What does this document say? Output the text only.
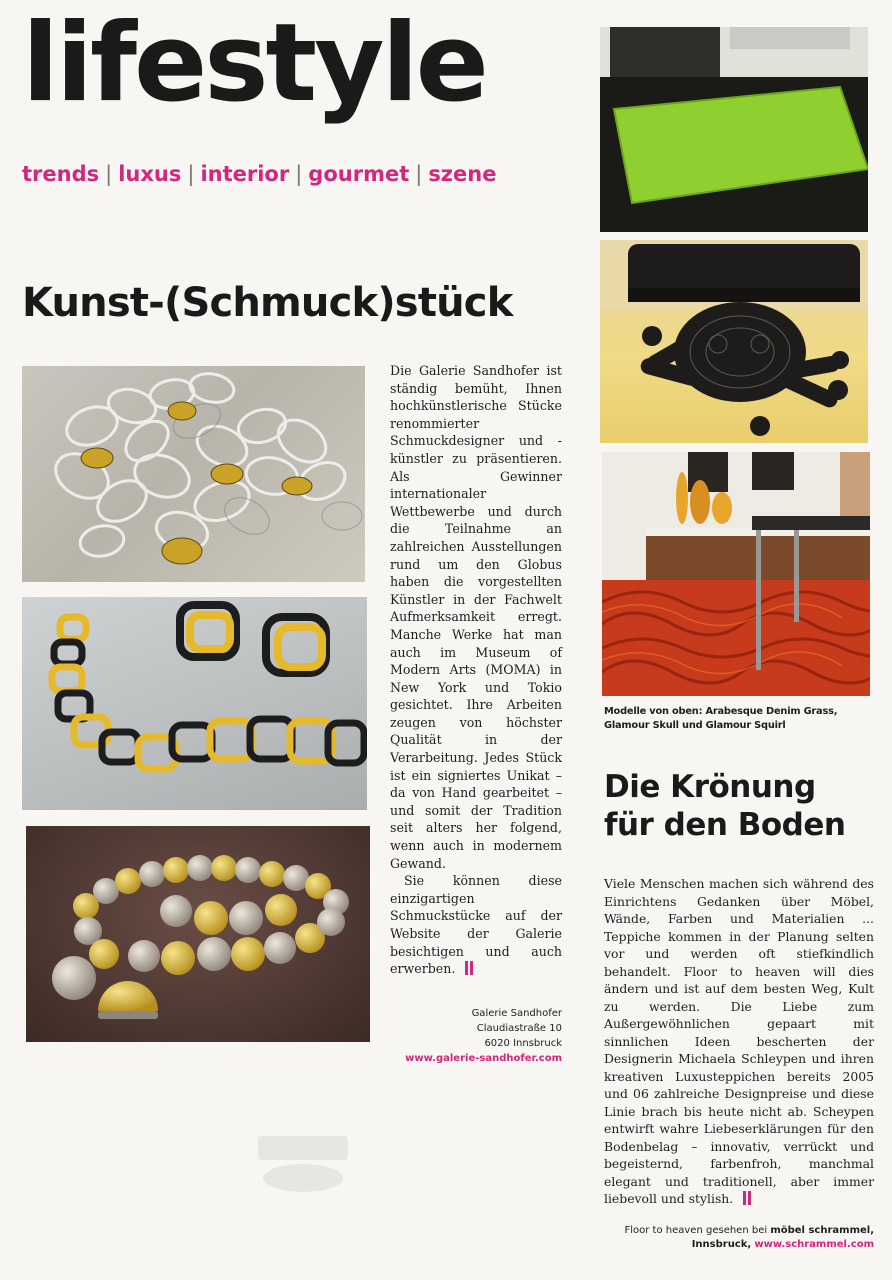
lifestyle
trends | luxus | interior | gourmet | szene
Kunst-(Schmuck)stück

Die Galerie Sandhofer ist ständig bemüht, Ihnen hochkünstlerische Stücke renommierter Schmuckdesigner und -künstler zu präsentieren. Als Gewinner internationaler Wettbewerbe und durch die Teilnahme an zahlreichen Ausstellungen rund um den Globus haben die vorgestellten Künstler in der Fachwelt Aufmerksamkeit erregt. Manche Werke hat man auch im Museum of Modern Arts (MOMA) in New York und Tokio gesichtet. Ihre Arbeiten zeugen von höchster Qualität in der Verarbeitung. Jedes Stück ist ein signiertes Unikat – da von Hand gearbeitet – und somit der Tradition seit alters her folgend, wenn auch in modernem Gewand.

Sie können diese einzigartigen Schmuckstücke auf der Website der Galerie besichtigen und auch erwerben.

Galerie Sandhofer
Claudiastraße 10
6020 Innsbruck
www.galerie-sandhofer.com
Modelle von oben: Arabesque Denim Grass, Glamour Skull und Glamour Squirl
Die Krönung
für den Boden

Viele Menschen machen sich während des Einrichtens Gedanken über Möbel, Wände, Farben und Materialien ... Teppiche kommen in der Planung selten vor und werden oft stiefkindlich behandelt. Floor to heaven will dies ändern und ist auf dem besten Weg, Kult zu werden. Die Liebe zum Außergewöhnlichen gepaart mit sinnlichen Ideen bescherten der Designerin Michaela Schleypen und ihren kreativen Luxusteppichen bereits 2005 und 06 zahlreiche Designpreise und diese Linie brach bis heute nicht ab. Scheypen entwirft wahre Liebeserklärungen für den Bodenbelag – innovativ, verrückt und begeisternd, farbenfroh, manchmal elegant und traditionell, aber immer liebevoll und stylish.

Floor to heaven gesehen bei möbel schrammel,
Innsbruck, www.schrammel.com
